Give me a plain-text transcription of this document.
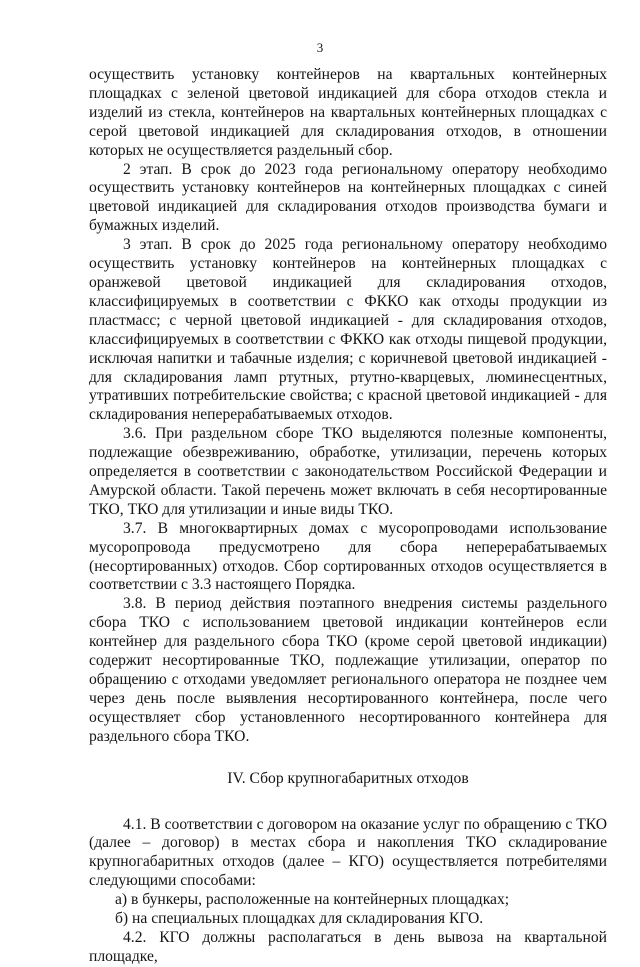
3

осуществить установку контейнеров на квартальных контейнерных площадках с зеленой цветовой индикацией для сбора отходов стекла и изделий из стекла, контейнеров на квартальных контейнерных площадках с серой цветовой индикацией для складирования отходов, в отношении которых не осуществляется раздельный сбор.

2 этап. В срок до 2023 года региональному оператору необходимо осуществить установку контейнеров на контейнерных площадках с синей цветовой индикацией для складирования отходов производства бумаги и бумажных изделий.

3 этап. В срок до 2025 года региональному оператору необходимо осуществить установку контейнеров на контейнерных площадках с оранжевой цветовой индикацией для складирования отходов, классифицируемых в соответствии с ФККО как отходы продукции из пластмасс; с черной цветовой индикацией - для складирования отходов, классифицируемых в соответствии с ФККО как отходы пищевой продукции, исключая напитки и табачные изделия; с коричневой цветовой индикацией - для складирования ламп ртутных, ртутно-кварцевых, люминесцентных, утративших потребительские свойства; с красной цветовой индикацией - для складирования неперерабатываемых отходов.

3.6. При раздельном сборе ТКО выделяются полезные компоненты, подлежащие обезвреживанию, обработке, утилизации, перечень которых определяется в соответствии с законодательством Российской Федерации и Амурской области. Такой перечень может включать в себя несортированные ТКО, ТКО для утилизации и иные виды ТКО.

3.7. В многоквартирных домах с мусоропроводами использование мусоропровода предусмотрено для сбора неперерабатываемых (несортированных) отходов. Сбор сортированных отходов осуществляется в соответствии с 3.3 настоящего Порядка.

3.8. В период действия поэтапного внедрения системы раздельного сбора ТКО с использованием цветовой индикации контейнеров если контейнер для раздельного сбора ТКО (кроме серой цветовой индикации) содержит несортированные ТКО, подлежащие утилизации, оператор по обращению с отходами уведомляет регионального оператора не позднее чем через день после выявления несортированного контейнера, после чего осуществляет сбор установленного несортированного контейнера для раздельного сбора ТКО.

IV. Сбор крупногабаритных отходов

4.1. В соответствии с договором на оказание услуг по обращению с ТКО (далее – договор) в местах сбора и накопления ТКО складирование крупногабаритных отходов (далее – КГО) осуществляется потребителями следующими способами:

а) в бункеры, расположенные на контейнерных площадках;

б) на специальных площадках для складирования КГО.

4.2. КГО должны располагаться в день вывоза на квартальной площадке,
